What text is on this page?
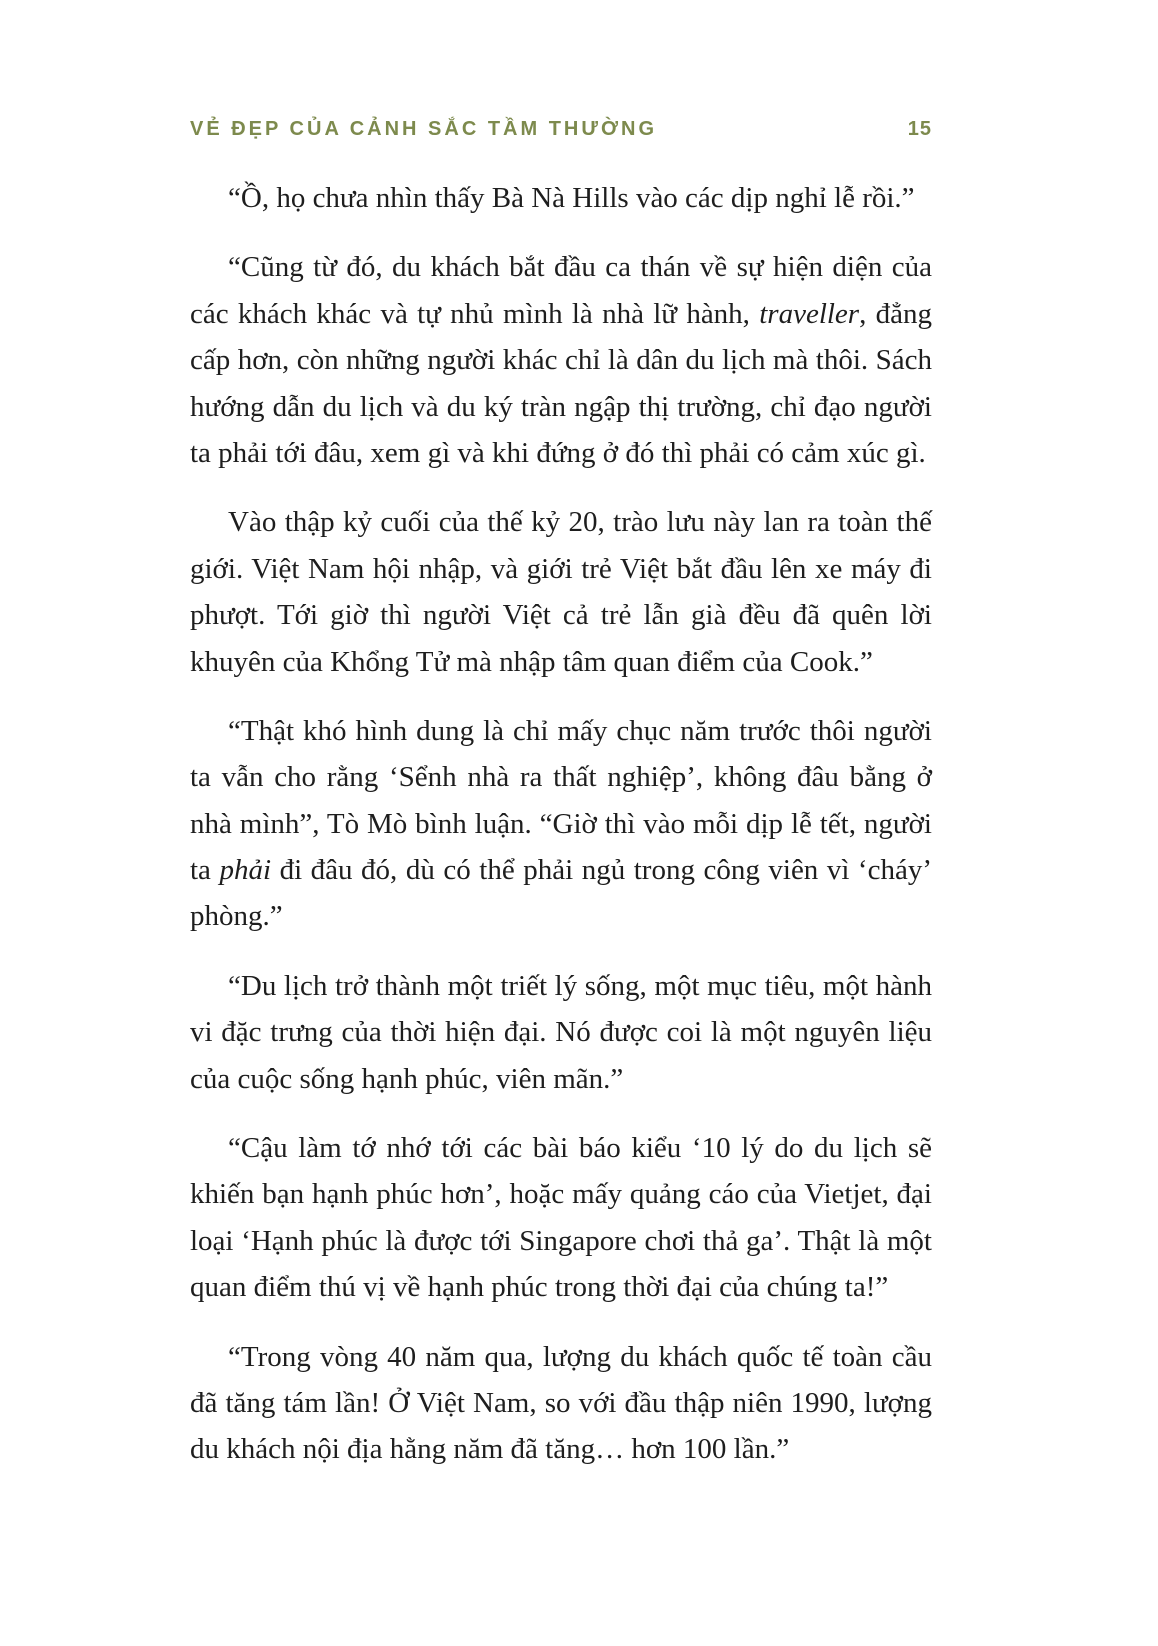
VẺ ĐẸP CỦA CẢNH SẮC TẦM THƯỜNG	15

“Ồ, họ chưa nhìn thấy Bà Nà Hills vào các dịp nghỉ lễ rồi.”

“Cũng từ đó, du khách bắt đầu ca thán về sự hiện diện của các khách khác và tự nhủ mình là nhà lữ hành, traveller, đẳng cấp hơn, còn những người khác chỉ là dân du lịch mà thôi. Sách hướng dẫn du lịch và du ký tràn ngập thị trường, chỉ đạo người ta phải tới đâu, xem gì và khi đứng ở đó thì phải có cảm xúc gì.

Vào thập kỷ cuối của thế kỷ 20, trào lưu này lan ra toàn thế giới. Việt Nam hội nhập, và giới trẻ Việt bắt đầu lên xe máy đi phượt. Tới giờ thì người Việt cả trẻ lẫn già đều đã quên lời khuyên của Khổng Tử mà nhập tâm quan điểm của Cook.”

“Thật khó hình dung là chỉ mấy chục năm trước thôi người ta vẫn cho rằng ‘Sểnh nhà ra thất nghiệp’, không đâu bằng ở nhà mình”, Tò Mò bình luận. “Giờ thì vào mỗi dịp lễ tết, người ta phải đi đâu đó, dù có thể phải ngủ trong công viên vì ‘cháy’ phòng.”

“Du lịch trở thành một triết lý sống, một mục tiêu, một hành vi đặc trưng của thời hiện đại. Nó được coi là một nguyên liệu của cuộc sống hạnh phúc, viên mãn.”

“Cậu làm tớ nhớ tới các bài báo kiểu ‘10 lý do du lịch sẽ khiến bạn hạnh phúc hơn’, hoặc mấy quảng cáo của Vietjet, đại loại ‘Hạnh phúc là được tới Singapore chơi thả ga’. Thật là một quan điểm thú vị về hạnh phúc trong thời đại của chúng ta!”

“Trong vòng 40 năm qua, lượng du khách quốc tế toàn cầu đã tăng tám lần! Ở Việt Nam, so với đầu thập niên 1990, lượng du khách nội địa hằng năm đã tăng… hơn 100 lần.”
